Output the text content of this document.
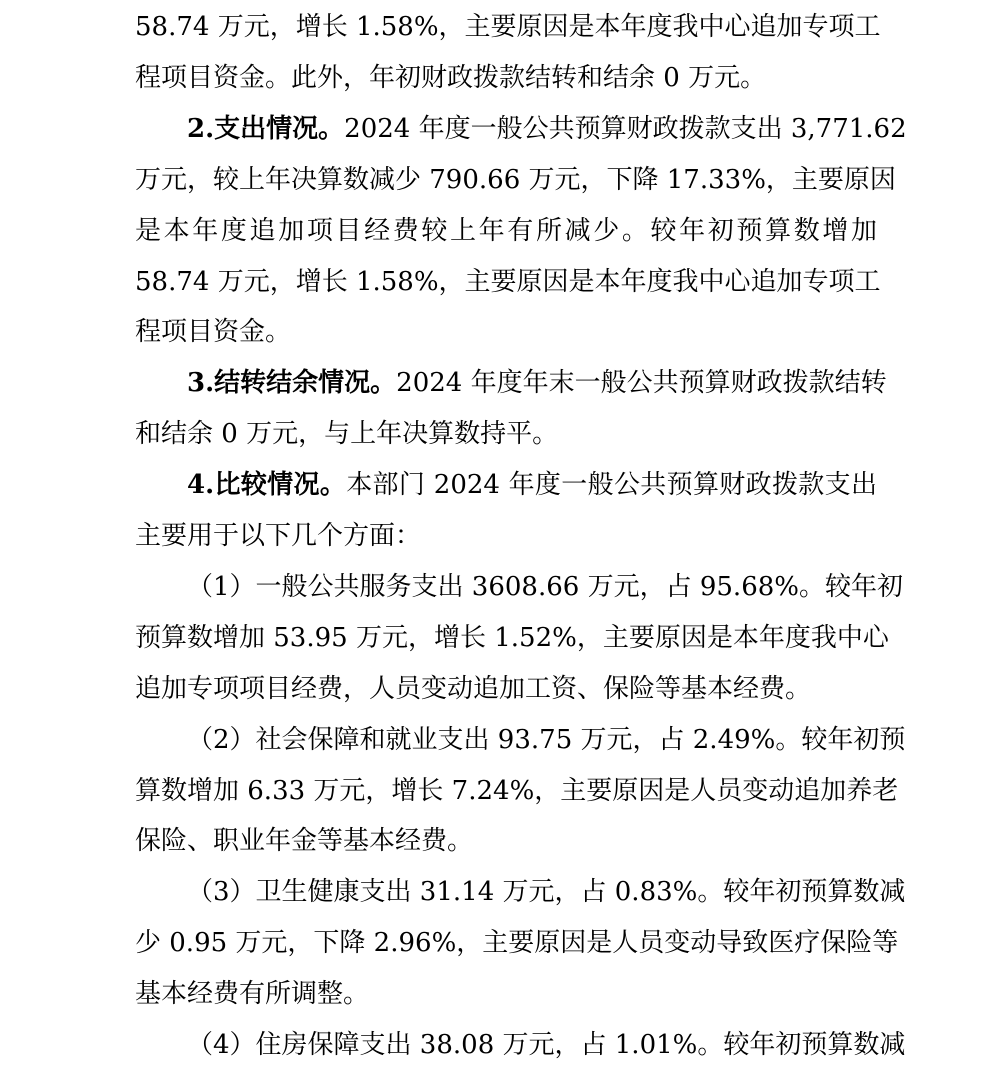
58.74 万元，增长 1.58%，主要原因是本年度我中心追加专项工
程项目资金。此外，年初财政拨款结转和结余 0 万元。
2.支出情况。2024 年度一般公共预算财政拨款支出 3,771.62
万元，较上年决算数减少 790.66 万元，下降 17.33%，主要原因
是本年度追加项目经费较上年有所减少。较年初预算数增加
58.74 万元，增长 1.58%，主要原因是本年度我中心追加专项工
程项目资金。
3.结转结余情况。2024 年度年末一般公共预算财政拨款结转
和结余 0 万元，与上年决算数持平。
4.比较情况。本部门 2024 年度一般公共预算财政拨款支出
主要用于以下几个方面：
（1）一般公共服务支出 3608.66 万元，占 95.68%。较年初
预算数增加 53.95 万元，增长 1.52%，主要原因是本年度我中心
追加专项项目经费，人员变动追加工资、保险等基本经费。
（2）社会保障和就业支出 93.75 万元，占 2.49%。较年初预
算数增加 6.33 万元，增长 7.24%，主要原因是人员变动追加养老
保险、职业年金等基本经费。
（3）卫生健康支出 31.14 万元，占 0.83%。较年初预算数减
少 0.95 万元，下降 2.96%，主要原因是人员变动导致医疗保险等
基本经费有所调整。
（4）住房保障支出 38.08 万元，占 1.01%。较年初预算数减
